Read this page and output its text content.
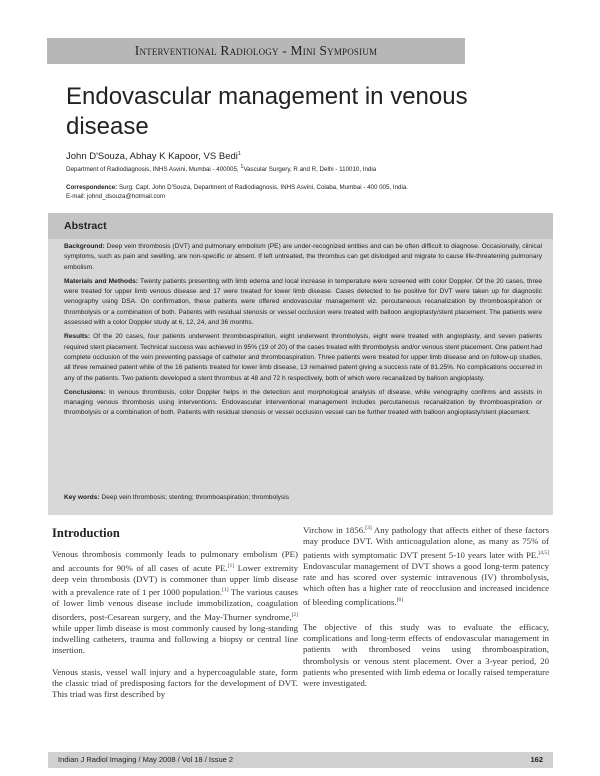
Interventional Radiology - Mini Symposium
Endovascular management in venous disease
John D'Souza, Abhay K Kapoor, VS Bedi$^1$
Department of Radiodiagnosis, INHS Asvini, Mumbai - 400005, $^1$Vascular Surgery, R and R, Delhi - 110010, India
Correspondence: Surg. Capt. John D'Souza, Department of Radiodiagnosis, INHS Asvini, Colaba, Mumbai - 400 005, India.
E-mail: johnd_dsouza@hotmail.com
Abstract

Background: Deep vein thrombosis (DVT) and pulmonary embolism (PE) are under-recognized entities and can be often difficult to diagnose. Occasionally, clinical symptoms, such as pain and swelling, are non-specific or absent. If left untreated, the thrombus can get dislodged and migrate to cause life-threatening pulmonary embolism.

Materials and Methods: Twenty patients presenting with limb edema and local increase in temperature were screened with color Doppler. Of the 20 cases, three were treated for upper limb venous disease and 17 were treated for lower limb disease. Cases detected to be positive for DVT were taken up for diagnostic venography using DSA. On confirmation, these patients were offered endovascular management viz. percutaneous recanalization by thromboaspiration or thrombolysis or a combination of both. Patients with residual stenosis or vessel occlusion were treated with balloon angioplasty/stent placement. The patients were assessed with a color Doppler study at 6, 12, 24, and 36 months.

Results: Of the 20 cases, four patients underwent thromboaspiration, eight underwent thrombolysis, eight were treated with angioplasty, and seven patients required stent placement. Technical success was achieved in 95% (19 of 20) of the cases treated with thrombolysis and/or venous stent placement. One patient had complete occlusion of the vein preventing passage of catheter and thromboaspiration. Three patients were treated for upper limb disease and on follow-up studies, all three remained patent while of the 16 patients treated for lower limb disease, 13 remained patent giving a success rate of 81.25%. No complications occurred in any of the patients. Two patients developed a stent thrombus at 48 and 72 h respectively, both of which were recanalized by balloon angioplasty.

Conclusions: In venous thrombosis, color Doppler helps in the detection and morphological analysis of disease, while venography confirms and assists in managing venous thrombosis using interventions. Endovascular interventional management includes percutaneous recanalization by thromboaspiration or thrombolysis or a combination of both. Patients with residual stenosis or vessel occlusion vessel can be further treated with balloon angioplasty/stent placement.

Key words: Deep vein thrombosis; stenting; thromboaspiration; thrombolysis
Introduction

Venous thrombosis commonly leads to pulmonary embolism (PE) and accounts for 90% of all cases of acute PE.[1] Lower extremity deep vein thrombosis (DVT) is commoner than upper limb disease with a prevalence rate of 1 per 1000 population.[1] The various causes of lower limb venous disease include immobilization, coagulation disorders, post-Cesarean surgery, and the May-Thurner syndrome,[2] while upper limb disease is most commonly caused by long-standing indwelling catheters, trauma and following a biopsy or central line insertion.

Venous stasis, vessel wall injury and a hypercoagulable state, form the classic triad of predisposing factors for the development of DVT. This triad was first described by

Virchow in 1856.[3] Any pathology that affects either of these factors may produce DVT. With anticoagulation alone, as many as 75% of patients with symptomatic DVT present 5-10 years later with PE.[4,5] Endovascular management of DVT shows a good long-term patency rate and has scored over systemic intravenous (IV) thrombolysis, which often has a higher rate of reocclusion and increased incidence of bleeding complications.[6]

The objective of this study was to evaluate the efficacy, complications and long-term effects of endovascular management in patients with thrombosed veins using thromboaspiration, thrombolysis or venous stent placement. Over a 3-year period, 20 patients who presented with limb edema or locally raised temperature were investigated.

Indian J Radiol Imaging / May 2008 / Vol 18 / Issue 2	162
